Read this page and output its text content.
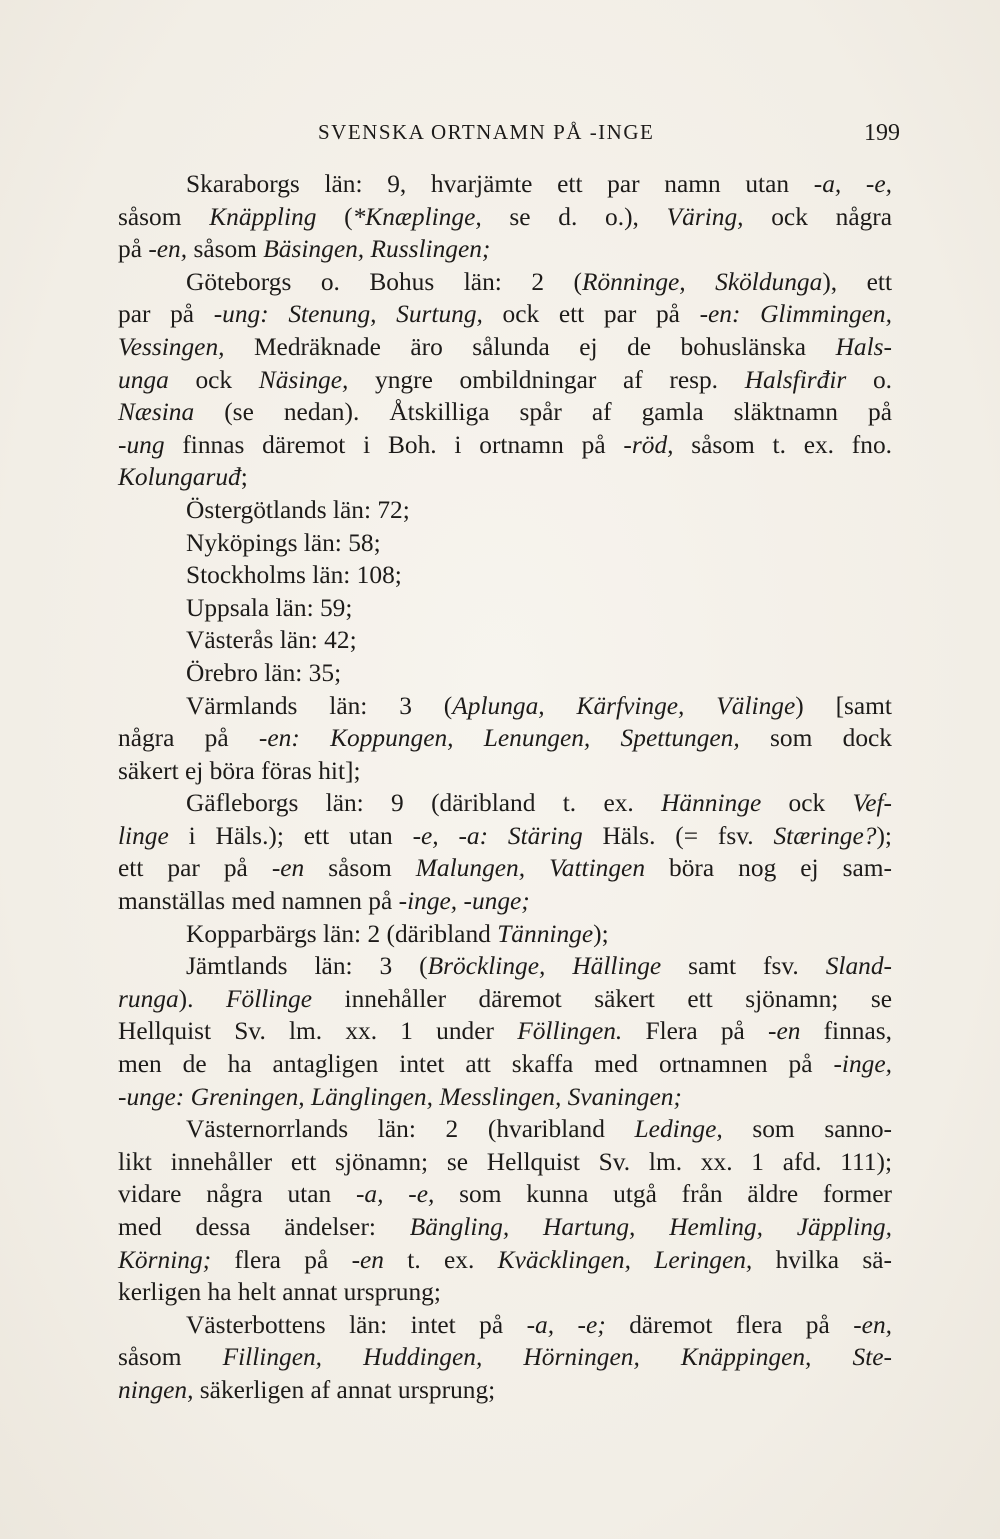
SVENSKA ORTNAMN PÅ -INGE	199
Skaraborgs län: 9, hvarjämte ett par namn utan -a, -e,
såsom Knäppling (*Knæplinge, se d. o.), Väring, ock några
på -en, såsom Bäsingen, Russlingen;
Göteborgs o. Bohus län: 2 (Rönninge, Sköldunga), ett
par på -ung: Stenung, Surtung, ock ett par på -en: Glimmingen,
Vessingen, Medräknade äro sålunda ej de bohuslänska Hals-
unga ock Näsinge, yngre ombildningar af resp. Halsfirđir o.
Næsina (se nedan). Åtskilliga spår af gamla släktnamn på
-ung finnas däremot i Boh. i ortnamn på -röd, såsom t. ex. fno.
Kolungaruđ;
Östergötlands län: 72;
Nyköpings län: 58;
Stockholms län: 108;
Uppsala län: 59;
Västerås län: 42;
Örebro län: 35;
Värmlands län: 3 (Aplunga, Kärfvinge, Välinge) [samt
några på -en: Koppungen, Lenungen, Spettungen, som dock
säkert ej böra föras hit];
Gäfleborgs län: 9 (däribland t. ex. Hänninge ock Vef-
linge i Häls.); ett utan -e, -a: Stäring Häls. (= fsv. Stæringe?);
ett par på -en såsom Malungen, Vattingen böra nog ej sam-
manställas med namnen på -inge, -unge;
Kopparbärgs län: 2 (däribland Tänninge);
Jämtlands län: 3 (Bröcklinge, Hällinge samt fsv. Sland-
runga). Föllinge innehåller däremot säkert ett sjönamn; se
Hellquist Sv. lm. xx. 1 under Föllingen. Flera på -en finnas,
men de ha antagligen intet att skaffa med ortnamnen på -inge,
-unge: Greningen, Länglingen, Messlingen, Svaningen;
Västernorrlands län: 2 (hvaribland Ledinge, som sanno-
likt innehåller ett sjönamn; se Hellquist Sv. lm. xx. 1 afd. 111);
vidare några utan -a, -e, som kunna utgå från äldre former
med dessa ändelser: Bängling, Hartung, Hemling, Jäppling,
Körning; flera på -en t. ex. Kväcklingen, Leringen, hvilka sä-
kerligen ha helt annat ursprung;
Västerbottens län: intet på -a, -e; däremot flera på -en,
såsom Fillingen, Huddingen, Hörningen, Knäppingen, Ste-
ningen, säkerligen af annat ursprung;
